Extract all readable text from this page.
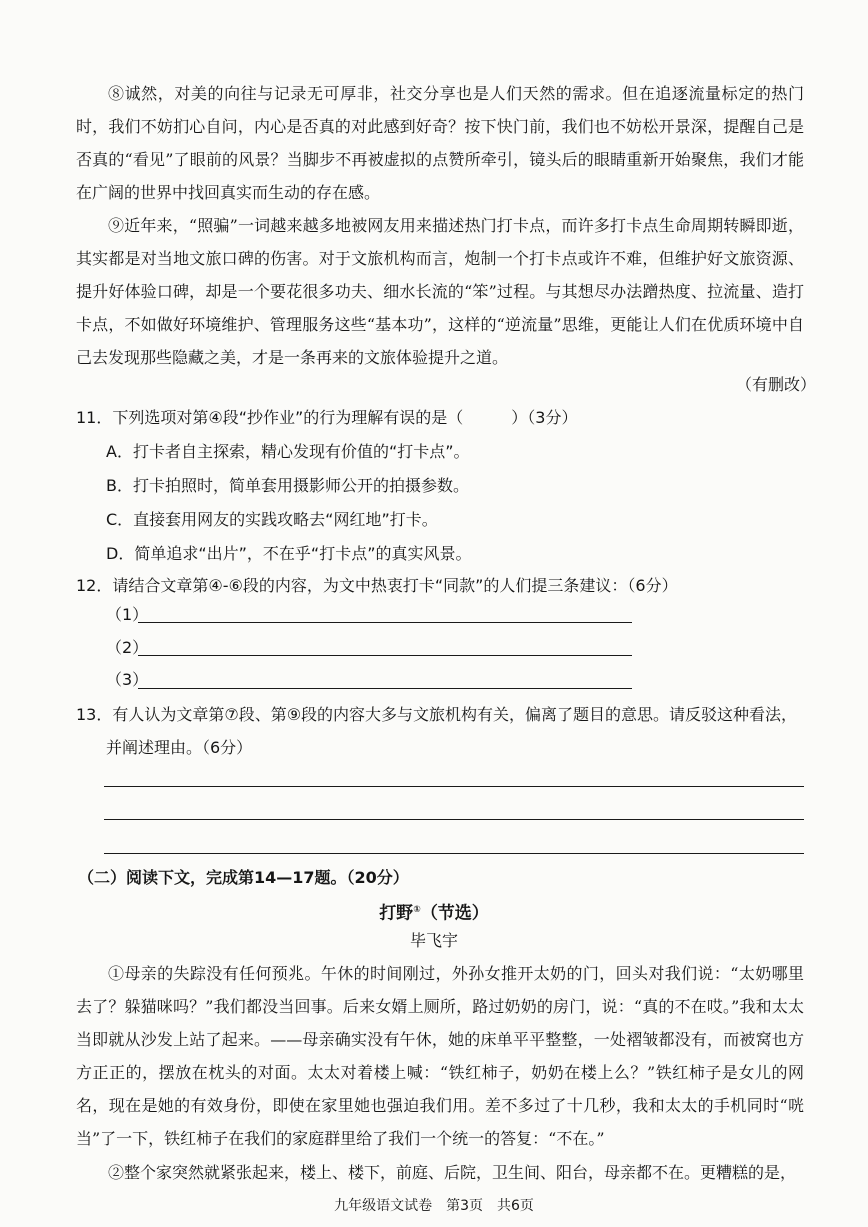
⑧诚然，对美的向往与记录无可厚非，社交分享也是人们天然的需求。但在追逐流量标定的热门时，我们不妨扪心自问，内心是否真的对此感到好奇？按下快门前，我们也不妨松开景深，提醒自己是否真的“看见”了眼前的风景？当脚步不再被虚拟的点赞所牵引，镜头后的眼睛重新开始聚焦，我们才能在广阔的世界中找回真实而生动的存在感。

⑨近年来，“照骗”一词越来越多地被网友用来描述热门打卡点，而许多打卡点生命周期转瞬即逝，其实都是对当地文旅口碑的伤害。对于文旅机构而言，炮制一个打卡点或许不难，但维护好文旅资源、提升好体验口碑，却是一个要花很多功夫、细水长流的“笨”过程。与其想尽办法蹭热度、拉流量、造打卡点，不如做好环境维护、管理服务这些“基本功”，这样的“逆流量”思维，更能让人们在优质环境中自己去发现那些隐藏之美，才是一条再来的文旅体验提升之道。

（有删改）

11．下列选项对第④段“抄作业”的行为理解有误的是（　　　）（3分）

A．打卡者自主探索，精心发现有价值的“打卡点”。

B．打卡拍照时，简单套用摄影师公开的拍摄参数。

C．直接套用网友的实践攻略去“网红地”打卡。

D．简单追求“出片”，不在乎“打卡点”的真实风景。

12．请结合文章第④-⑥段的内容，为文中热衷打卡“同款”的人们提三条建议：（6分）

（1）

（2）

（3）

13．有人认为文章第⑦段、第⑨段的内容大多与文旅机构有关，偏离了题目的意思。请反驳这种看法，

并阐述理由。（6分）

（二）阅读下文，完成第14—17题。（20分）

打野①（节选）

毕飞宇

①母亲的失踪没有任何预兆。午休的时间刚过，外孙女推开太奶的门，回头对我们说：“太奶哪里去了？躲猫咪吗？”我们都没当回事。后来女婿上厕所，路过奶奶的房门，说：“真的不在哎。”我和太太当即就从沙发上站了起来。——母亲确实没有午休，她的床单平平整整，一处褶皱都没有，而被窝也方方正正的，摆放在枕头的对面。太太对着楼上喊：“铁红柿子，奶奶在楼上么？”铁红柿子是女儿的网名，现在是她的有效身份，即使在家里她也强迫我们用。差不多过了十几秒，我和太太的手机同时“咣当”了一下，铁红柿子在我们的家庭群里给了我们一个统一的答复：“不在。”

②整个家突然就紧张起来，楼上、楼下，前庭、后院，卫生间、阳台，母亲都不在。更糟糕的是，

九年级语文试卷　第3页　共6页
